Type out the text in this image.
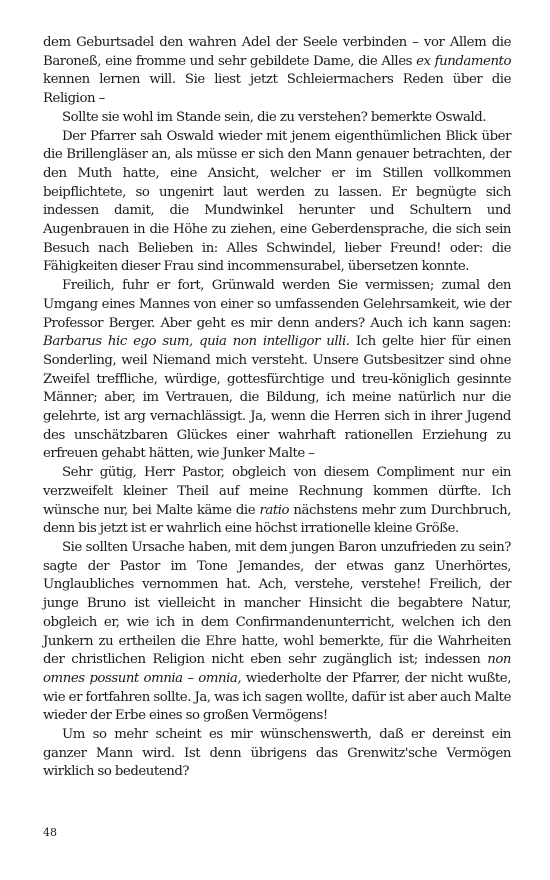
dem Geburtsadel den wahren Adel der Seele verbinden – vor Allem die Baroneß, eine fromme und sehr gebildete Dame, die Alles ex fundamento kennen lernen will. Sie liest jetzt Schleiermachers Reden über die Religion –

Sollte sie wohl im Stande sein, die zu verstehen? bemerkte Oswald.

Der Pfarrer sah Oswald wieder mit jenem eigenthümlichen Blick über die Brillengläser an, als müsse er sich den Mann genauer betrachten, der den Muth hatte, eine Ansicht, welcher er im Stillen vollkommen beipflichtete, so ungenirt laut werden zu lassen. Er begnügte sich indessen damit, die Mundwinkel herunter und Schultern und Augenbrauen in die Höhe zu ziehen, eine Geberdensprache, die sich sein Besuch nach Belieben in: Alles Schwindel, lieber Freund! oder: die Fähigkeiten dieser Frau sind incommensurabel, übersetzen konnte.

Freilich, fuhr er fort, Grünwald werden Sie vermissen; zumal den Umgang eines Mannes von einer so umfassenden Gelehrsamkeit, wie der Professor Berger. Aber geht es mir denn anders? Auch ich kann sagen: Barbarus hic ego sum, quia non intelligor ulli. Ich gelte hier für einen Sonderling, weil Niemand mich versteht. Unsere Gutsbesitzer sind ohne Zweifel treffliche, würdige, gottesfürchtige und treu-königlich gesinnte Männer; aber, im Vertrauen, die Bildung, ich meine natürlich nur die gelehrte, ist arg vernachlässigt. Ja, wenn die Herren sich in ihrer Jugend des unschätzbaren Glückes einer wahrhaft rationellen Erziehung zu erfreuen gehabt hätten, wie Junker Malte –

Sehr gütig, Herr Pastor, obgleich von diesem Compliment nur ein verzweifelt kleiner Theil auf meine Rechnung kommen dürfte. Ich wünsche nur, bei Malte käme die ratio nächstens mehr zum Durchbruch, denn bis jetzt ist er wahrlich eine höchst irrationelle kleine Größe.

Sie sollten Ursache haben, mit dem jungen Baron unzufrieden zu sein? sagte der Pastor im Tone Jemandes, der etwas ganz Unerhörtes, Unglaubliches vernommen hat. Ach, verstehe, verstehe! Freilich, der junge Bruno ist vielleicht in mancher Hinsicht die begabtere Natur, obgleich er, wie ich in dem Confirmandenunterricht, welchen ich den Junkern zu ertheilen die Ehre hatte, wohl bemerkte, für die Wahrheiten der christlichen Religion nicht eben sehr zugänglich ist; indessen non omnes possunt omnia – omnia, wiederholte der Pfarrer, der nicht wußte, wie er fortfahren sollte. Ja, was ich sagen wollte, dafür ist aber auch Malte wieder der Erbe eines so großen Vermögens!

Um so mehr scheint es mir wünschenswerth, daß er dereinst ein ganzer Mann wird. Ist denn übrigens das Grenwitz'sche Vermögen wirklich so bedeutend?

48
